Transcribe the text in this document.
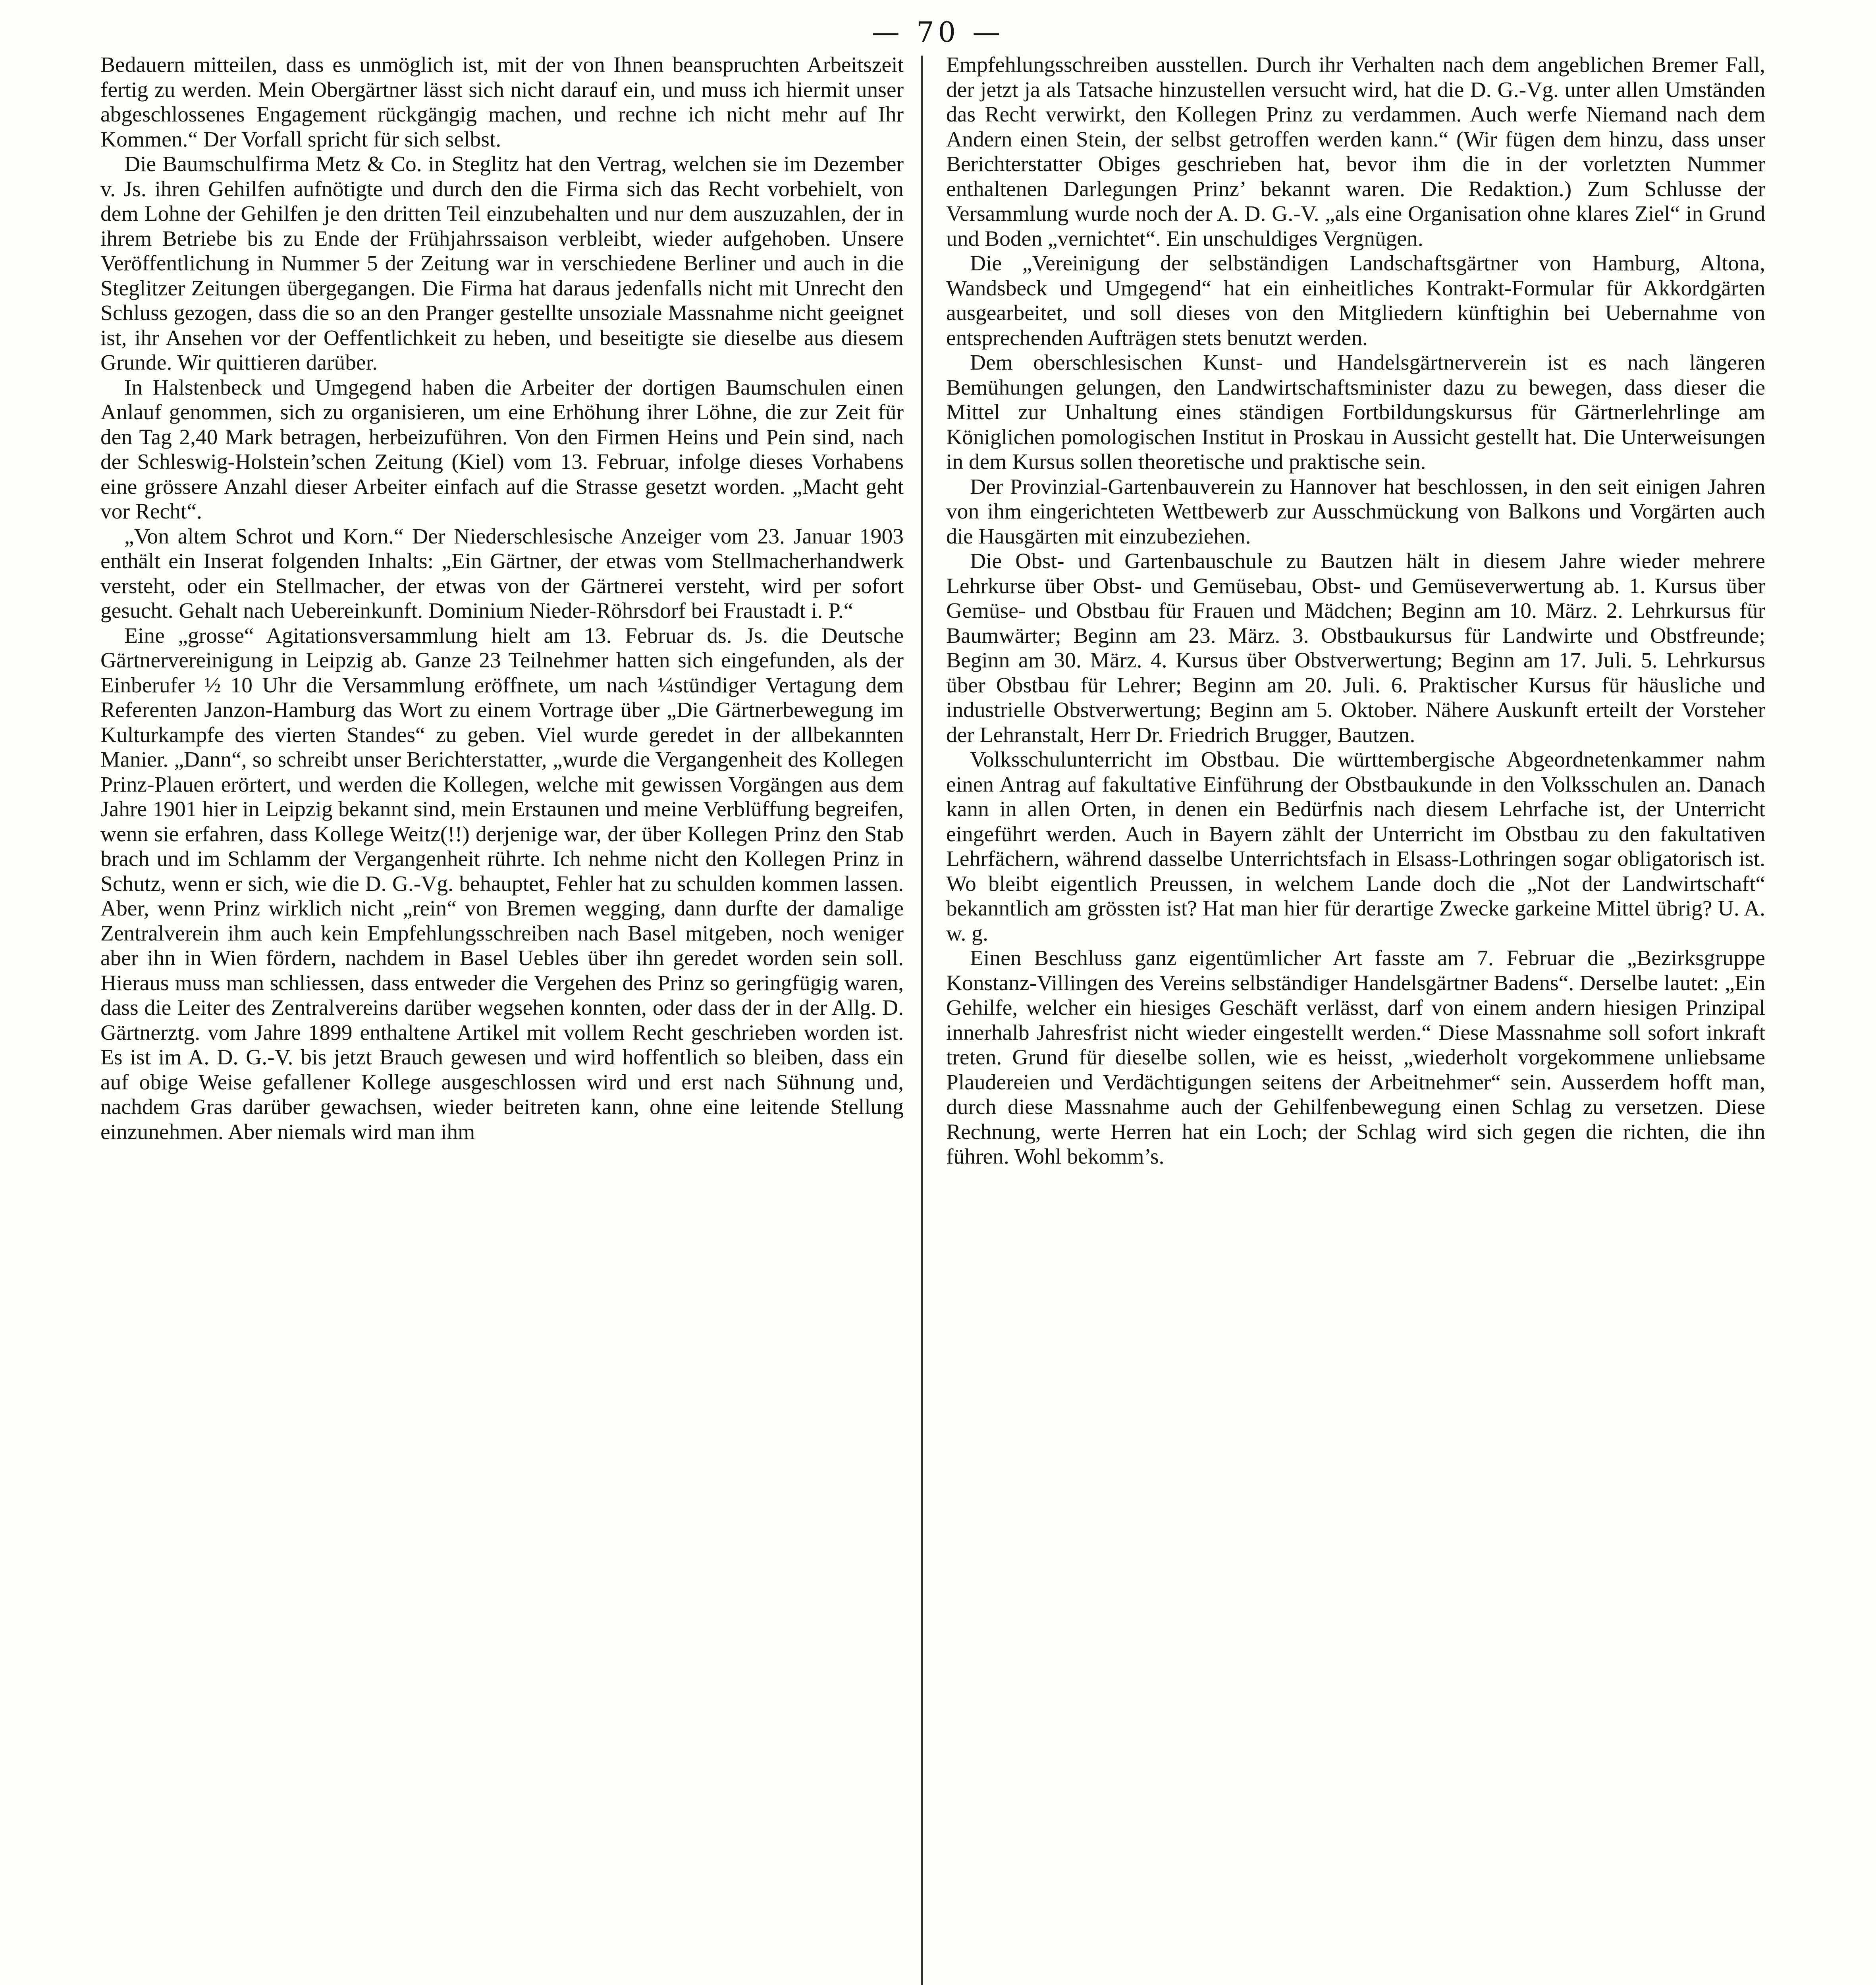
— 70 —

Bedauern mitteilen, dass es unmöglich ist, mit der von Ihnen beanspruchten Arbeitszeit fertig zu werden. Mein Obergärtner lässt sich nicht darauf ein, und muss ich hiermit unser abgeschlossenes Engagement rückgängig machen, und rechne ich nicht mehr auf Ihr Kommen.“ Der Vorfall spricht für sich selbst.

Die Baumschulfirma Metz & Co. in Steglitz hat den Vertrag, welchen sie im Dezember v. Js. ihren Gehilfen aufnötigte und durch den die Firma sich das Recht vorbehielt, von dem Lohne der Gehilfen je den dritten Teil einzubehalten und nur dem auszuzahlen, der in ihrem Betriebe bis zu Ende der Frühjahrssaison verbleibt, wieder aufgehoben. Unsere Veröffentlichung in Nummer 5 der Zeitung war in verschiedene Berliner und auch in die Steglitzer Zeitungen übergegangen. Die Firma hat daraus jedenfalls nicht mit Unrecht den Schluss gezogen, dass die so an den Pranger gestellte unsoziale Massnahme nicht geeignet ist, ihr Ansehen vor der Oeffentlichkeit zu heben, und beseitigte sie dieselbe aus diesem Grunde. Wir quittieren darüber.

In Halstenbeck und Umgegend haben die Arbeiter der dortigen Baumschulen einen Anlauf genommen, sich zu organisieren, um eine Erhöhung ihrer Löhne, die zur Zeit für den Tag 2,40 Mark betragen, herbeizuführen. Von den Firmen Heins und Pein sind, nach der Schleswig-Holstein’schen Zeitung (Kiel) vom 13. Februar, infolge dieses Vorhabens eine grössere Anzahl dieser Arbeiter einfach auf die Strasse gesetzt worden. „Macht geht vor Recht“.

„Von altem Schrot und Korn.“ Der Niederschlesische Anzeiger vom 23. Januar 1903 enthält ein Inserat folgenden Inhalts: „Ein Gärtner, der etwas vom Stellmacherhandwerk versteht, oder ein Stellmacher, der etwas von der Gärtnerei versteht, wird per sofort gesucht. Gehalt nach Uebereinkunft. Dominium Nieder-Röhrsdorf bei Fraustadt i. P.“

Eine „grosse“ Agitationsversammlung hielt am 13. Februar ds. Js. die Deutsche Gärtnervereinigung in Leipzig ab. Ganze 23 Teilnehmer hatten sich eingefunden, als der Einberufer ½ 10 Uhr die Versammlung eröffnete, um nach ¼stündiger Vertagung dem Referenten Janzon-Hamburg das Wort zu einem Vortrage über „Die Gärtnerbewegung im Kulturkampfe des vierten Standes“ zu geben. Viel wurde geredet in der allbekannten Manier. „Dann“, so schreibt unser Berichterstatter, „wurde die Vergangenheit des Kollegen Prinz-Plauen erörtert, und werden die Kollegen, welche mit gewissen Vorgängen aus dem Jahre 1901 hier in Leipzig bekannt sind, mein Erstaunen und meine Verblüffung begreifen, wenn sie erfahren, dass Kollege Weitz(!!) derjenige war, der über Kollegen Prinz den Stab brach und im Schlamm der Vergangenheit rührte. Ich nehme nicht den Kollegen Prinz in Schutz, wenn er sich, wie die D. G.-Vg. behauptet, Fehler hat zu schulden kommen lassen. Aber, wenn Prinz wirklich nicht „rein“ von Bremen wegging, dann durfte der damalige Zentralverein ihm auch kein Empfehlungsschreiben nach Basel mitgeben, noch weniger aber ihn in Wien fördern, nachdem in Basel Uebles über ihn geredet worden sein soll. Hieraus muss man schliessen, dass entweder die Vergehen des Prinz so geringfügig waren, dass die Leiter des Zentralvereins darüber wegsehen konnten, oder dass der in der Allg. D. Gärtnerztg. vom Jahre 1899 enthaltene Artikel mit vollem Recht geschrieben worden ist. Es ist im A. D. G.-V. bis jetzt Brauch gewesen und wird hoffentlich so bleiben, dass ein auf obige Weise gefallener Kollege ausgeschlossen wird und erst nach Sühnung und, nachdem Gras darüber gewachsen, wieder beitreten kann, ohne eine leitende Stellung einzunehmen. Aber niemals wird man ihm

Empfehlungsschreiben ausstellen. Durch ihr Verhalten nach dem angeblichen Bremer Fall, der jetzt ja als Tatsache hinzustellen versucht wird, hat die D. G.-Vg. unter allen Umständen das Recht verwirkt, den Kollegen Prinz zu verdammen. Auch werfe Niemand nach dem Andern einen Stein, der selbst getroffen werden kann.“ (Wir fügen dem hinzu, dass unser Berichterstatter Obiges geschrieben hat, bevor ihm die in der vorletzten Nummer enthaltenen Darlegungen Prinz’ bekannt waren. Die Redaktion.) Zum Schlusse der Versammlung wurde noch der A. D. G.-V. „als eine Organisation ohne klares Ziel“ in Grund und Boden „vernichtet“. Ein unschuldiges Vergnügen.

Die „Vereinigung der selbständigen Landschaftsgärtner von Hamburg, Altona, Wandsbeck und Umgegend“ hat ein einheitliches Kontrakt-Formular für Akkordgärten ausgearbeitet, und soll dieses von den Mitgliedern künftighin bei Uebernahme von entsprechenden Aufträgen stets benutzt werden.

Dem oberschlesischen Kunst- und Handelsgärtnerverein ist es nach längeren Bemühungen gelungen, den Landwirtschaftsminister dazu zu bewegen, dass dieser die Mittel zur Unhaltung eines ständigen Fortbildungskursus für Gärtnerlehrlinge am Königlichen pomologischen Institut in Proskau in Aussicht gestellt hat. Die Unterweisungen in dem Kursus sollen theoretische und praktische sein.

Der Provinzial-Gartenbauverein zu Hannover hat beschlossen, in den seit einigen Jahren von ihm eingerichteten Wettbewerb zur Ausschmückung von Balkons und Vorgärten auch die Hausgärten mit einzubeziehen.

Die Obst- und Gartenbauschule zu Bautzen hält in diesem Jahre wieder mehrere Lehrkurse über Obst- und Gemüsebau, Obst- und Gemüseverwertung ab. 1. Kursus über Gemüse- und Obstbau für Frauen und Mädchen; Beginn am 10. März. 2. Lehrkursus für Baumwärter; Beginn am 23. März. 3. Obstbaukursus für Landwirte und Obstfreunde; Beginn am 30. März. 4. Kursus über Obstverwertung; Beginn am 17. Juli. 5. Lehrkursus über Obstbau für Lehrer; Beginn am 20. Juli. 6. Praktischer Kursus für häusliche und industrielle Obstverwertung; Beginn am 5. Oktober. Nähere Auskunft erteilt der Vorsteher der Lehranstalt, Herr Dr. Friedrich Brugger, Bautzen.

Volksschulunterricht im Obstbau. Die württembergische Abgeordnetenkammer nahm einen Antrag auf fakultative Einführung der Obstbaukunde in den Volksschulen an. Danach kann in allen Orten, in denen ein Bedürfnis nach diesem Lehrfache ist, der Unterricht eingeführt werden. Auch in Bayern zählt der Unterricht im Obstbau zu den fakultativen Lehrfächern, während dasselbe Unterrichtsfach in Elsass-Lothringen sogar obligatorisch ist. Wo bleibt eigentlich Preussen, in welchem Lande doch die „Not der Landwirtschaft“ bekanntlich am grössten ist? Hat man hier für derartige Zwecke garkeine Mittel übrig? U. A. w. g.

Einen Beschluss ganz eigentümlicher Art fasste am 7. Februar die „Bezirksgruppe Konstanz-Villingen des Vereins selbständiger Handelsgärtner Badens“. Derselbe lautet: „Ein Gehilfe, welcher ein hiesiges Geschäft verlässt, darf von einem andern hiesigen Prinzipal innerhalb Jahresfrist nicht wieder eingestellt werden.“ Diese Massnahme soll sofort inkraft treten. Grund für dieselbe sollen, wie es heisst, „wiederholt vorgekommene unliebsame Plaudereien und Verdächtigungen seitens der Arbeitnehmer“ sein. Ausserdem hofft man, durch diese Massnahme auch der Gehilfenbewegung einen Schlag zu versetzen. Diese Rechnung, werte Herren hat ein Loch; der Schlag wird sich gegen die richten, die ihn führen. Wohl bekomm’s.
